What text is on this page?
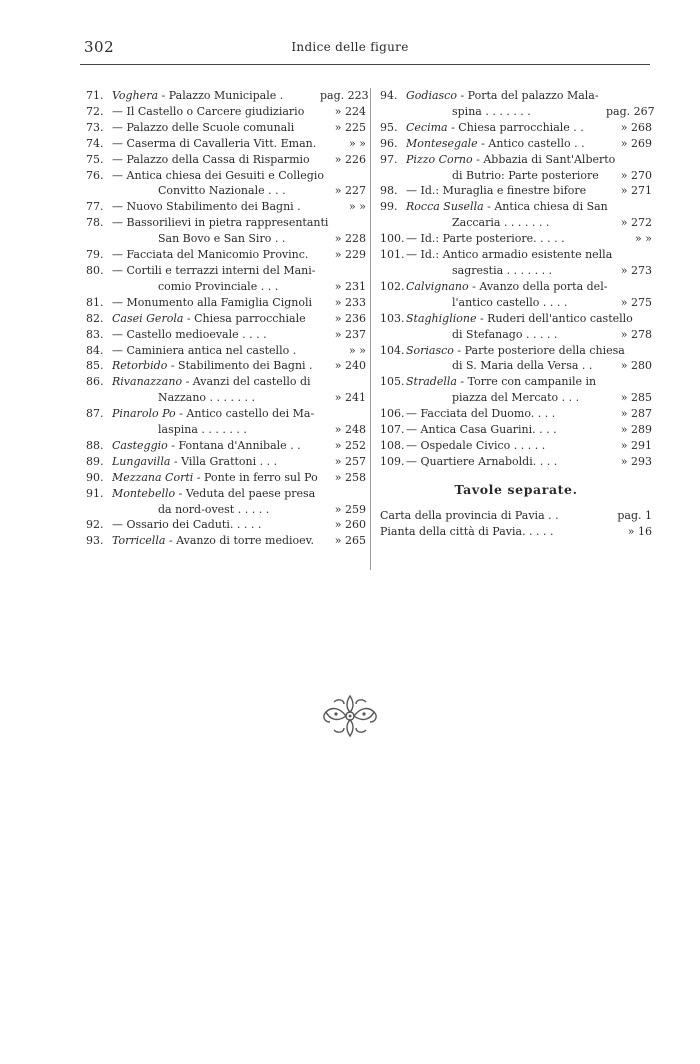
302	Indice delle figure
71. Voghera - Palazzo Municipale .	pag. 223
72. — Il Castello o Carcere giudiziario	» 224
73. — Palazzo delle Scuole comunali	» 225
74. — Caserma di Cavalleria Vitt. Eman.	» »
75. — Palazzo della Cassa di Risparmio	» 226
76. — Antica chiesa dei Gesuiti e Collegio
Convitto Nazionale . . .	» 227
77. — Nuovo Stabilimento dei Bagni .	» »
78. — Bassorilievi in pietra rappresentanti
San Bovo e San Siro . .	» 228
79. — Facciata del Manicomio Provinc.	» 229
80. — Cortili e terrazzi interni del Mani-
comio Provinciale . . .	» 231
81. — Monumento alla Famiglia Cignoli	» 233
82. Casei Gerola - Chiesa parrocchiale	» 236
83. — Castello medioevale . . . .	» 237
84. — Caminiera antica nel castello .	» »
85. Retorbido - Stabilimento dei Bagni .	» 240
86. Rivanazzano - Avanzi del castello di
Nazzano . . . . . . .	» 241
87. Pinarolo Po - Antico castello dei Ma-
laspina . . . . . . .	» 248
88. Casteggio - Fontana d'Annibale . .	» 252
89. Lungavilla - Villa Grattoni . . .	» 257
90. Mezzana Corti - Ponte in ferro sul Po	» 258
91. Montebello - Veduta del paese presa
da nord-ovest . . . . .	» 259
92. — Ossario dei Caduti. . . . .	» 260
93. Torricella - Avanzo di torre medioev.	» 265
94. Godiasco - Porta del palazzo Mala-
spina . . . . . . .	pag. 267
95. Cecima - Chiesa parrocchiale . .	» 268
96. Montesegale - Antico castello . .	» 269
97. Pizzo Corno - Abbazia di Sant'Alberto
di Butrio: Parte posteriore	» 270
98. — Id.: Muraglia e finestre bifore	» 271
99. Rocca Susella - Antica chiesa di San
Zaccaria . . . . . . .	» 272
100. — Id.: Parte posteriore. . . . .	» »
101. — Id.: Antico armadio esistente nella
sagrestia . . . . . . .	» 273
102. Calvignano - Avanzo della porta del-
l'antico castello . . . .	» 275
103. Staghiglione - Ruderi dell'antico castello
di Stefanago . . . . .	» 278
104. Soriasco - Parte posteriore della chiesa
di S. Maria della Versa . .	» 280
105. Stradella - Torre con campanile in
piazza del Mercato . . .	» 285
106. — Facciata del Duomo. . . .	» 287
107. — Antica Casa Guarini. . . .	» 289
108. — Ospedale Civico . . . . .	» 291
109. — Quartiere Arnaboldi. . . .	» 293
Tavole separate.
Carta della provincia di Pavia . .	pag. 1
Pianta della città di Pavia. . . . .	» 16
